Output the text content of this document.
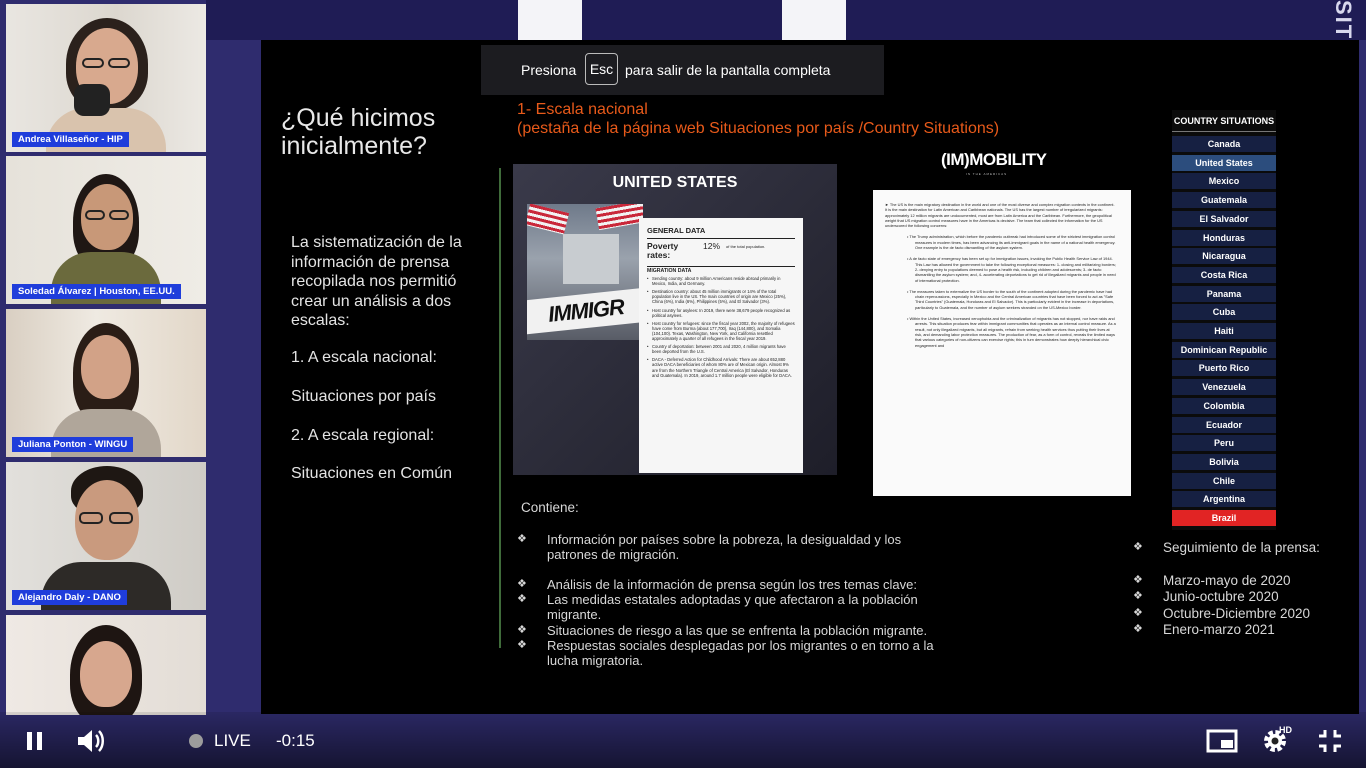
SIT
Andrea Villaseñor - HIP
Soledad Álvarez | Houston, EE.UU.
Juliana Ponton - WINGU
Alejandro Daly - DANO
¿Qué hicimos inicialmente?
La sistematización de la información de prensa recopilada nos permitió crear un análisis a dos escalas:
1. A escala nacional:
Situaciones por país
2. A escala regional:
Situaciones en Común
1- Escala nacional
(pestaña de la página web Situaciones por país /Country Situations)
UNITED STATES
IMMIGR
GENERAL DATA
Poverty rates:
12% of the total population.
MIGRATION DATA
• Sending country: about 9 million Americans reside abroad primarily in Mexico, India, and Germany.
• Destination country: about 45 million immigrants or 14% of the total population live in the US. The main countries of origin are Mexico (25%), China (6%), India (6%), Philippines (5%), and El Salvador (3%).
• Host country for asylees: In 2019, there were 38,679 people recognized as political asylees.
• Host country for refugees: since the fiscal year 2002, the majority of refugees have come from Burma (about 177,700), Iraq (144,800), and Somalia (104,100). Texas, Washington, New York, and California resettled approximately a quarter of all refugees in the fiscal year 2019.
• Country of deportation: between 2001 and 2020, 4 million migrants have been deported from the U.S.
• DACA - Deferred Action for Childhood Arrivals: There are about 652,880 active DACA beneficiaries of whom 80% are of Mexican origin. Almost 9% are from the Northern Triangle of Central America (El Salvador, Honduras and Guatemala). In 2019, around 1.7 million people were eligible for DACA.
(IM)MOBILITY
IN THE AMERICAS

► The US is the main migratory destination in the world and one of the most diverse and complex migration contexts in the continent. It is the main destination for Latin American and Caribbean nationals. The US has the largest number of irregularized migrants: approximately 12 million migrants are undocumented, most are from Latin America and the Caribbean. Furthermore, the geopolitical weight that US migration control measures have in the Americas is decisive. The team that collected the information for the US underscored the following concerns:

• The Trump administration, which before the pandemic outbreak had introduced some of the strictest immigration control measures in modern times, has been advancing its anti-immigrant goals in the name of a national health emergency. One example is the de facto dismantling of the asylum system.

• A de facto state of emergency has been set up for immigration issues, invoking the Public Health Service Law of 1944. This Law has allowed the government to take the following exceptional measures: 1- closing and militarizing borders; 2- denying entry to populations deemed to pose a health risk, including children and adolescents; 3- de facto dismantling the asylum system; and, 4- accelerating deportations to get rid of illegalized migrants and people in need of international protection.

• The measures taken to externalize the US border to the south of the continent adopted during the pandemic have had chain repercussions, especially in Mexico and the Central American countries that have been forced to act as "Safe Third Countries" (Guatemala, Honduras and El Salvador). This is particularly evident in the increase in deportations, particularly to Guatemala, and the number of asylum seekers stranded on the US-Mexico border.

• Within the United States, increased xenophobia and the criminalization of migrants has not stopped, nor have raids and arrests. This situation produces fear within immigrant communities that operates as an internal control measure. As a result, not only illegalized migrants, but all migrants, refrain from seeking health services thus putting their lives at risk, and demanding labor protection measures. The production of fear, as a form of control, reveals the limited ways that various categories of non-citizens can exercise rights; this in turn demonstrates how deeply hierarchical civic engagement and

COUNTRY SITUATIONS
Canada
United States
Mexico
Guatemala
El Salvador
Honduras
Nicaragua
Costa Rica
Panama
Cuba
Haiti
Dominican Republic
Puerto Rico
Venezuela
Colombia
Ecuador
Peru
Bolivia
Chile
Argentina
Brazil
Contiene:
❖	Información por países sobre la pobreza, la desigualdad y los
patrones de migración.
❖	Análisis de la información de prensa según los tres temas clave:
❖	Las medidas estatales adoptadas y que afectaron a la población
migrante.
❖	Situaciones de riesgo a las que se enfrenta la población migrante.
❖	Respuestas sociales desplegadas por los migrantes o en torno a la
lucha migratoria.
❖	Seguimiento de la prensa:
❖	Marzo-mayo de 2020
❖	Junio-octubre 2020
❖	Octubre-Diciembre 2020
❖	Enero-marzo 2021
Presiona Esc para salir de la pantalla completa
LIVE -0:15
HD
